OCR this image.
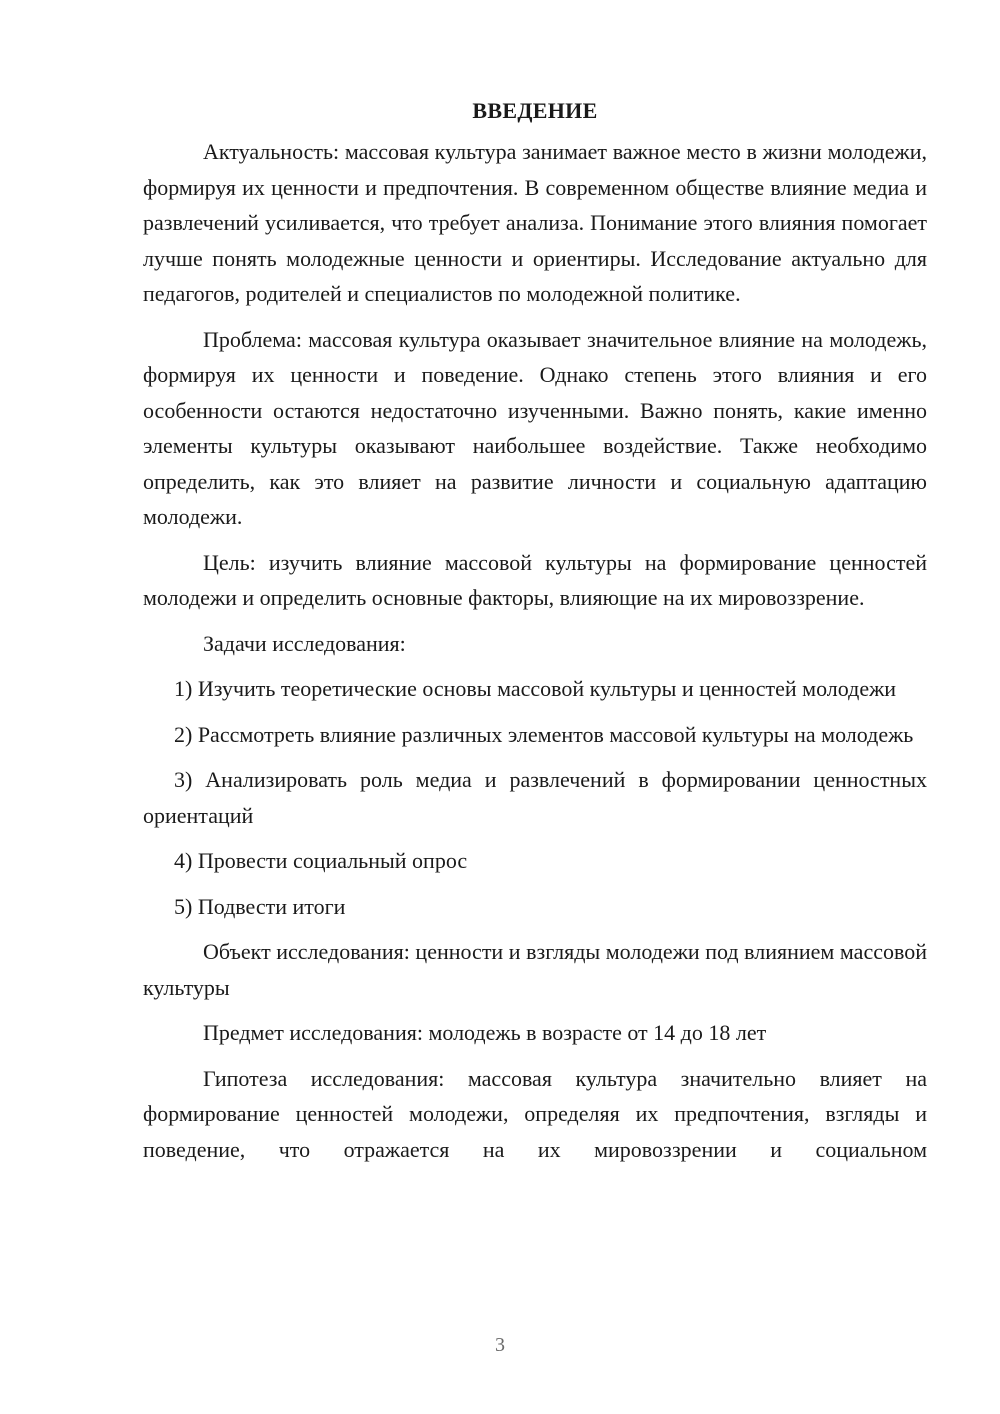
ВВЕДЕНИЕ

Актуальность: массовая культура занимает важное место в жизни молодежи, формируя их ценности и предпочтения. В современном обществе влияние медиа и развлечений усиливается, что требует анализа. Понимание этого влияния помогает лучше понять молодежные ценности и ориентиры. Исследование актуально для педагогов, родителей и специалистов по молодежной политике.

Проблема: массовая культура оказывает значительное влияние на молодежь, формируя их ценности и поведение. Однако степень этого влияния и его особенности остаются недостаточно изученными. Важно понять, какие именно элементы культуры оказывают наибольшее воздействие. Также необходимо определить, как это влияет на развитие личности и социальную адаптацию молодежи.

Цель: изучить влияние массовой культуры на формирование ценностей молодежи и определить основные факторы, влияющие на их мировоззрение.

Задачи исследования:

1) Изучить теоретические основы массовой культуры и ценностей молодежи

2) Рассмотреть влияние различных элементов массовой культуры на молодежь

3) Анализировать роль медиа и развлечений в формировании ценностных ориентаций

4) Провести социальный опрос

5) Подвести итоги

Объект исследования: ценности и взгляды молодежи под влиянием массовой культуры

Предмет исследования: молодежь в возрасте от 14 до 18 лет

Гипотеза исследования: массовая культура значительно влияет на формирование ценностей молодежи, определяя их предпочтения, взгляды и поведение, что отражается на их мировоззрении и социальном

3
